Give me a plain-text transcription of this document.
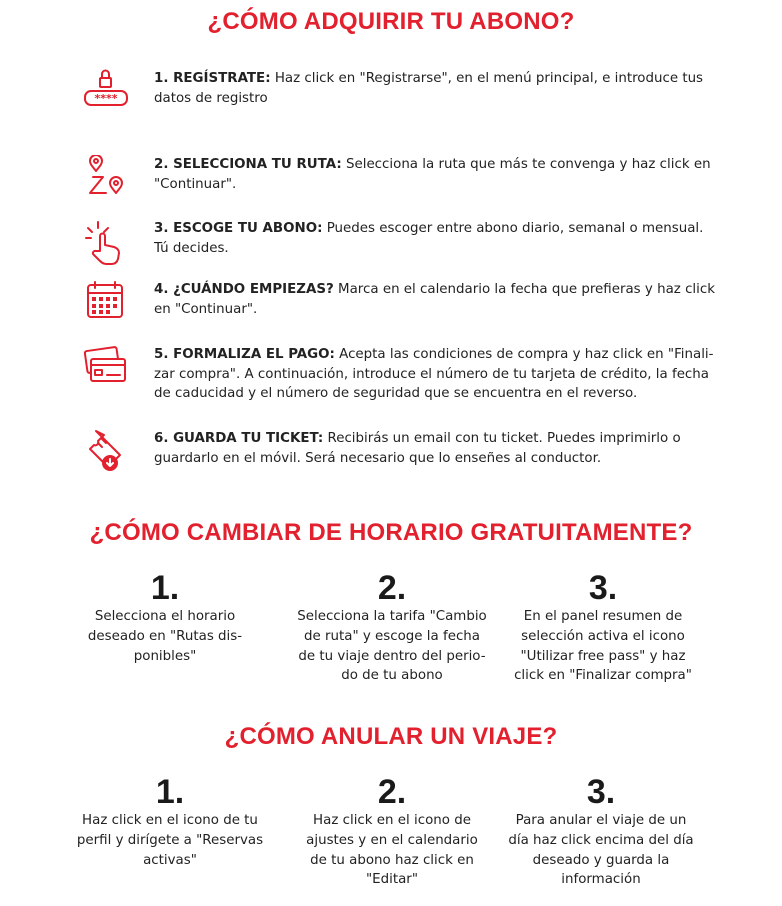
¿CÓMO ADQUIRIR TU ABONO?
****
1. REGÍSTRATE: Haz click en "Registrarse", en el menú principal, e introduce tus datos de registro
2. SELECCIONA TU RUTA: Selecciona la ruta que más te convenga y haz click en "Continuar".
3. ESCOGE TU ABONO: Puedes escoger entre abono diario, semanal o mensual. Tú decides.
4. ¿CUÁNDO EMPIEZAS? Marca en el calendario la fecha que prefieras y haz click en "Continuar".
5. FORMALIZA EL PAGO: Acepta las condiciones de compra y haz click en "Finali- zar compra". A continuación, introduce el número de tu tarjeta de crédito, la fecha de caducidad y el número de seguridad que se encuentra en el reverso.
6. GUARDA TU TICKET: Recibirás un email con tu ticket. Puedes imprimirlo o guardarlo en el móvil. Será necesario que lo enseñes al conductor.
¿CÓMO CAMBIAR DE HORARIO GRATUITAMENTE?
1.
Selecciona el horario deseado en "Rutas dis- ponibles"
2.
Selecciona la tarifa "Cambio de ruta" y escoge la fecha de tu viaje dentro del perio- do de tu abono
3.
En el panel resumen de selección activa el icono "Utilizar free pass" y haz click en "Finalizar compra"
¿CÓMO ANULAR UN VIAJE?
1.
Haz click en el icono de tu perfil y dirígete a "Reservas activas"
2.
Haz click en el icono de ajustes y en el calendario de tu abono haz click en "Editar"
3.
Para anular el viaje de un día haz click encima del día deseado y guarda la información
